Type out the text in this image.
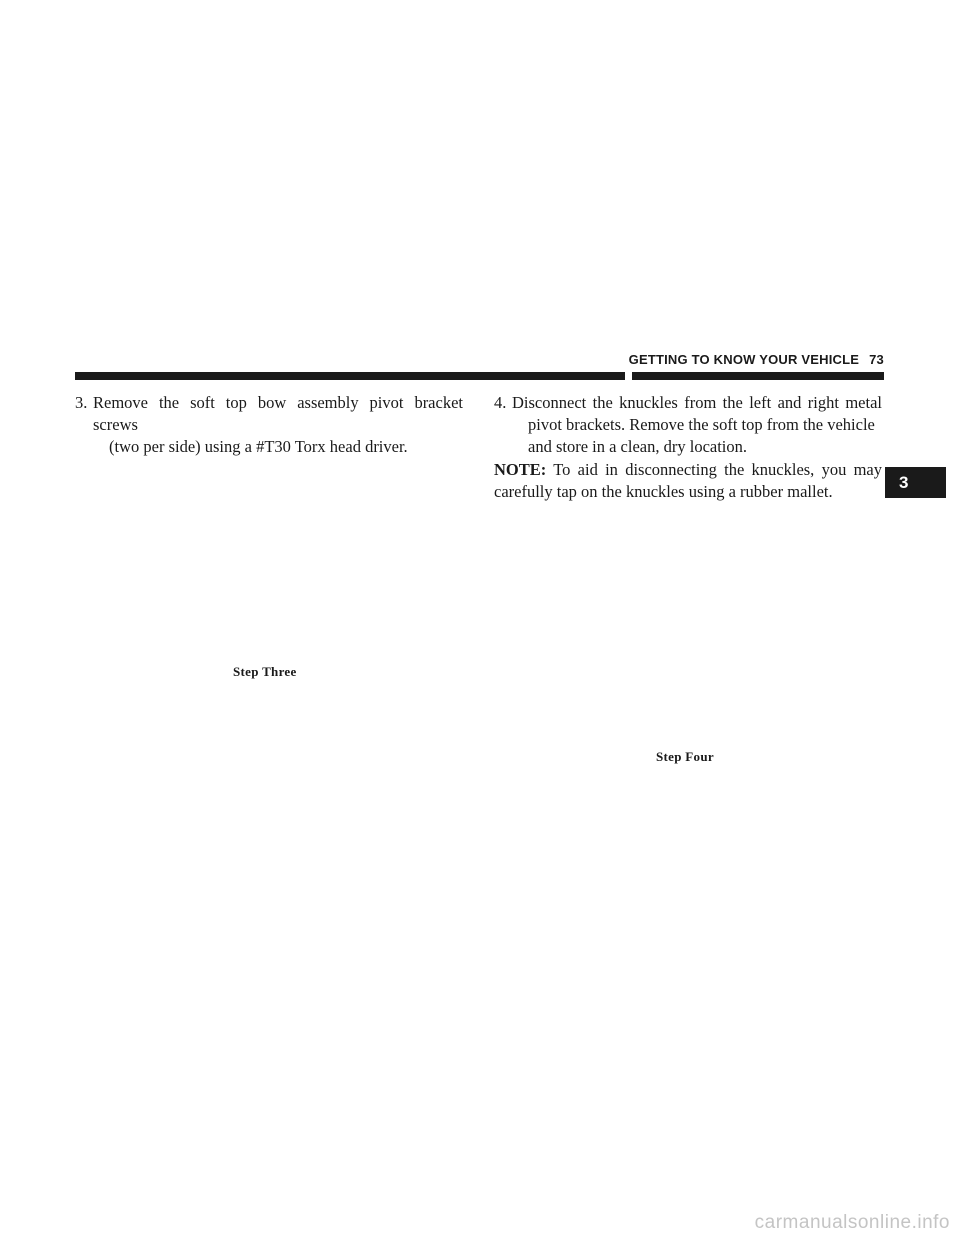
GETTING TO KNOW YOUR VEHICLE 73
3
3. Remove the soft top bow assembly pivot bracket screws
(two per side) using a #T30 Torx head driver.
4. Disconnect the knuckles from the left and right metal
pivot brackets. Remove the soft top from the vehicle and store in a clean, dry location.
NOTE: To aid in disconnecting the knuckles, you may carefully tap on the knuckles using a rubber mallet.
Step Three
Step Four
carmanualsonline.info
